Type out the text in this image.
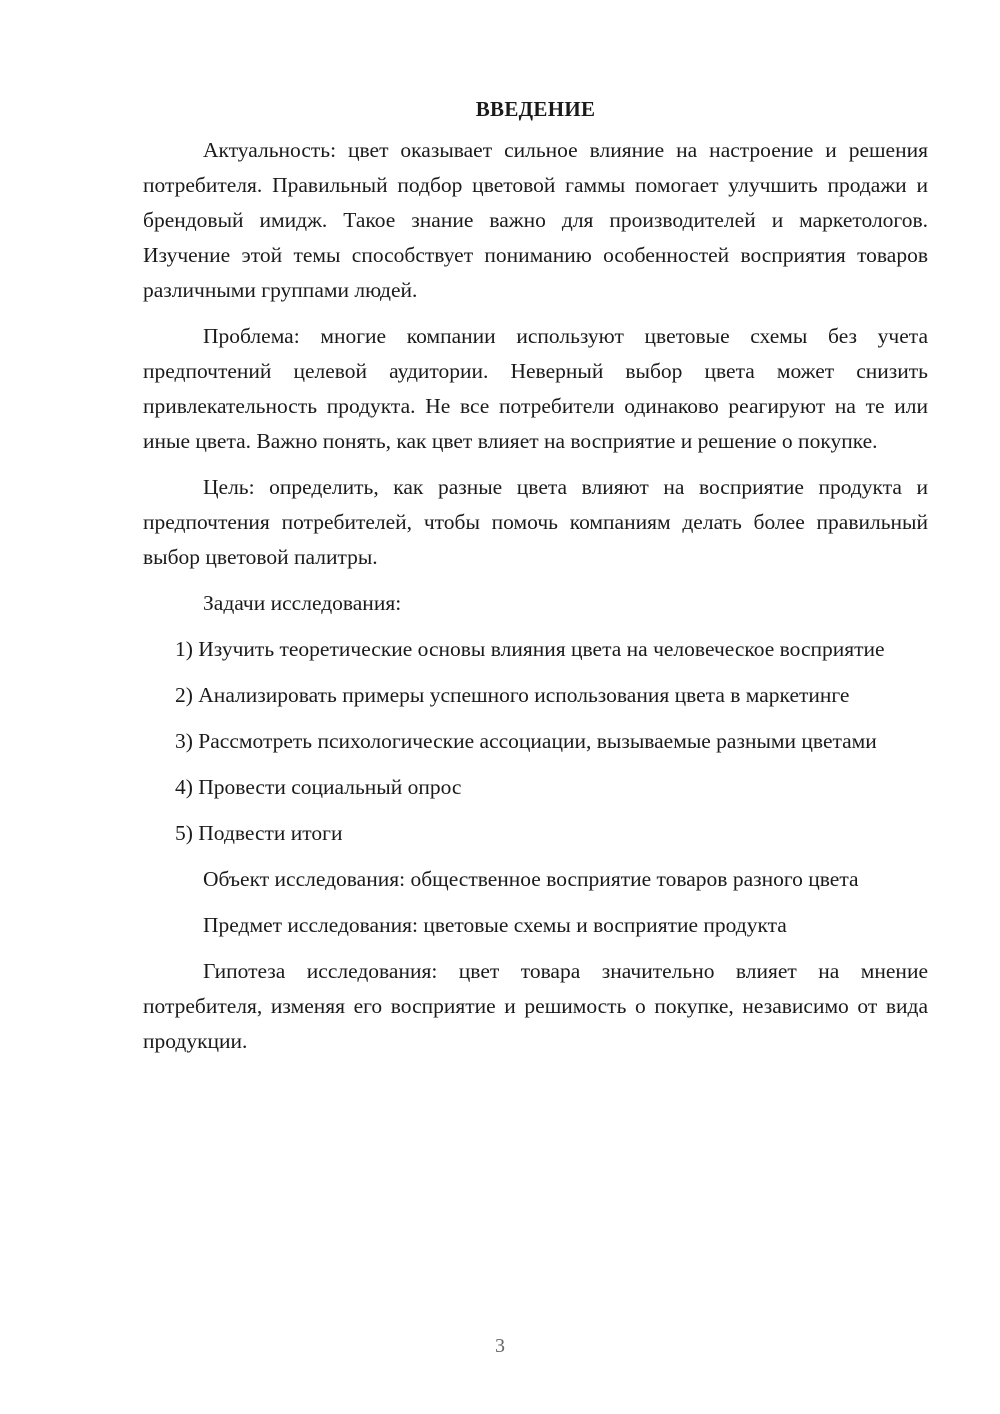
ВВЕДЕНИЕ

Актуальность: цвет оказывает сильное влияние на настроение и решения потребителя. Правильный подбор цветовой гаммы помогает улучшить продажи и брендовый имидж. Такое знание важно для производителей и маркетологов. Изучение этой темы способствует пониманию особенностей восприятия товаров различными группами людей.

Проблема: многие компании используют цветовые схемы без учета предпочтений целевой аудитории. Неверный выбор цвета может снизить привлекательность продукта. Не все потребители одинаково реагируют на те или иные цвета. Важно понять, как цвет влияет на восприятие и решение о покупке.

Цель: определить, как разные цвета влияют на восприятие продукта и предпочтения потребителей, чтобы помочь компаниям делать более правильный выбор цветовой палитры.

Задачи исследования:

1) Изучить теоретические основы влияния цвета на человеческое восприятие

2) Анализировать примеры успешного использования цвета в маркетинге

3) Рассмотреть психологические ассоциации, вызываемые разными цветами

4) Провести социальный опрос

5) Подвести итоги

Объект исследования: общественное восприятие товаров разного цвета

Предмет исследования: цветовые схемы и восприятие продукта

Гипотеза исследования: цвет товара значительно влияет на мнение потребителя, изменяя его восприятие и решимость о покупке, независимо от вида продукции.

3
